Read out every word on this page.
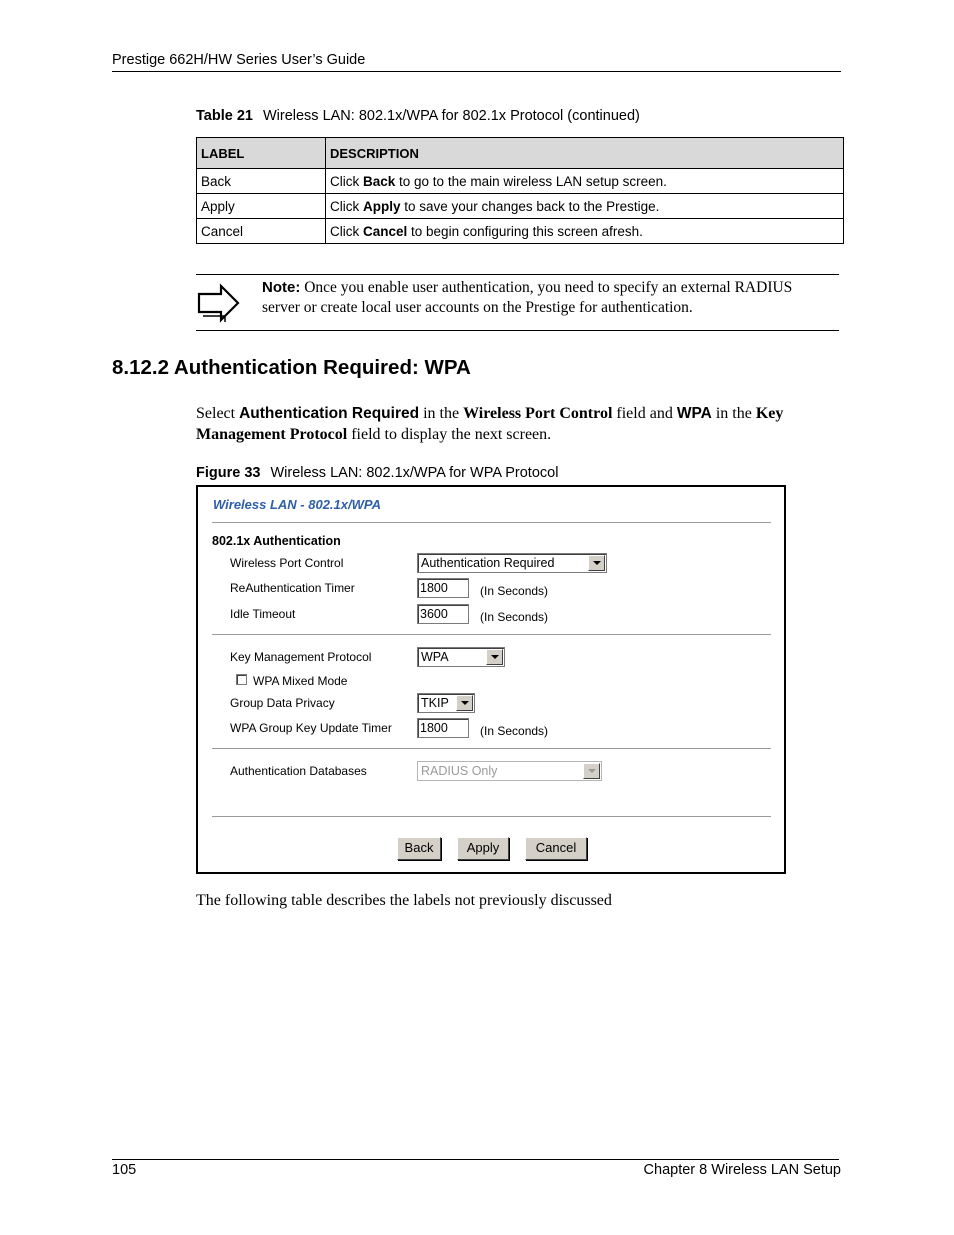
Prestige 662H/HW Series User’s Guide
Table 21 Wireless LAN: 802.1x/WPA for 802.1x Protocol (continued)
LABEL	DESCRIPTION
Back	Click Back to go to the main wireless LAN setup screen.
Apply	Click Apply to save your changes back to the Prestige.
Cancel	Click Cancel to begin configuring this screen afresh.
Note: Once you enable user authentication, you need to specify an external RADIUS server or create local user accounts on the Prestige for authentication.
8.12.2 Authentication Required: WPA
Select Authentication Required in the Wireless Port Control field and WPA in the Key Management Protocol field to display the next screen.
Figure 33 Wireless LAN: 802.1x/WPA for WPA Protocol
Wireless LAN - 802.1x/WPA
802.1x Authentication
Wireless Port Control	Authentication Required
ReAuthentication Timer	1800	(In Seconds)
Idle Timeout	3600	(In Seconds)
Key Management Protocol	WPA
WPA Mixed Mode
Group Data Privacy	TKIP
WPA Group Key Update Timer 1800	(In Seconds)
Authentication Databases	RADIUS Only
Back	Apply	Cancel
The following table describes the labels not previously discussed
105	Chapter 8 Wireless LAN Setup
